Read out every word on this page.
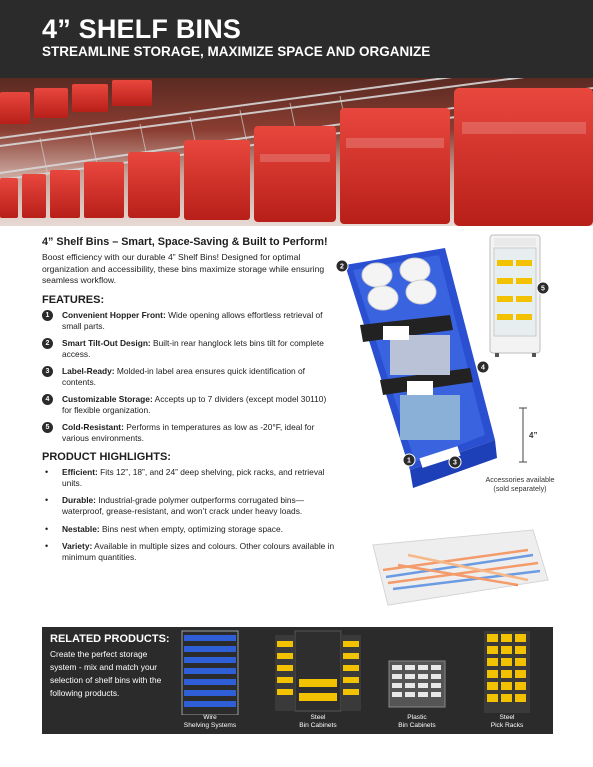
4” SHELF BINS
STREAMLINE STORAGE, MAXIMIZE SPACE AND ORGANIZE
4” Shelf Bins – Smart, Space-Saving & Built to Perform!
Boost efficiency with our durable 4” Shelf Bins! Designed for optimal organization and accessibility, these bins maximize storage while ensuring seamless workflow.
FEATURES:
1	Convenient Hopper Front: Wide opening allows effortless retrieval of small parts.
2	Smart Tilt-Out Design: Built-in rear hanglock lets bins tilt for complete access.
3	Label-Ready: Molded-in label area ensures quick identification of contents.
4	Customizable Storage: Accepts up to 7 dividers (except model 30110) for flexible organization.
5	Cold-Resistant: Performs in temperatures as low as -20°F, ideal for various environments.
PRODUCT HIGHLIGHTS:
• Efficient: Fits 12”, 18”, and 24” deep shelving, pick racks, and retrieval units.
• Durable: Industrial-grade polymer outperforms corrugated bins—waterproof, grease-resistant, and won’t crack under heavy loads.
• Nestable: Bins nest when empty, optimizing storage space.
• Variety: Available in multiple sizes and colours. Other colours available in minimum quantities.
2
4
1	3
5
4”
Accessories available
(sold separately)
RELATED PRODUCTS:
Create the perfect storage system - mix and match your selection of shelf bins with the following products.
Wire
Shelving Systems
Steel
Bin Cabinets
Plastic
Bin Cabinets
Steel
Pick Racks
